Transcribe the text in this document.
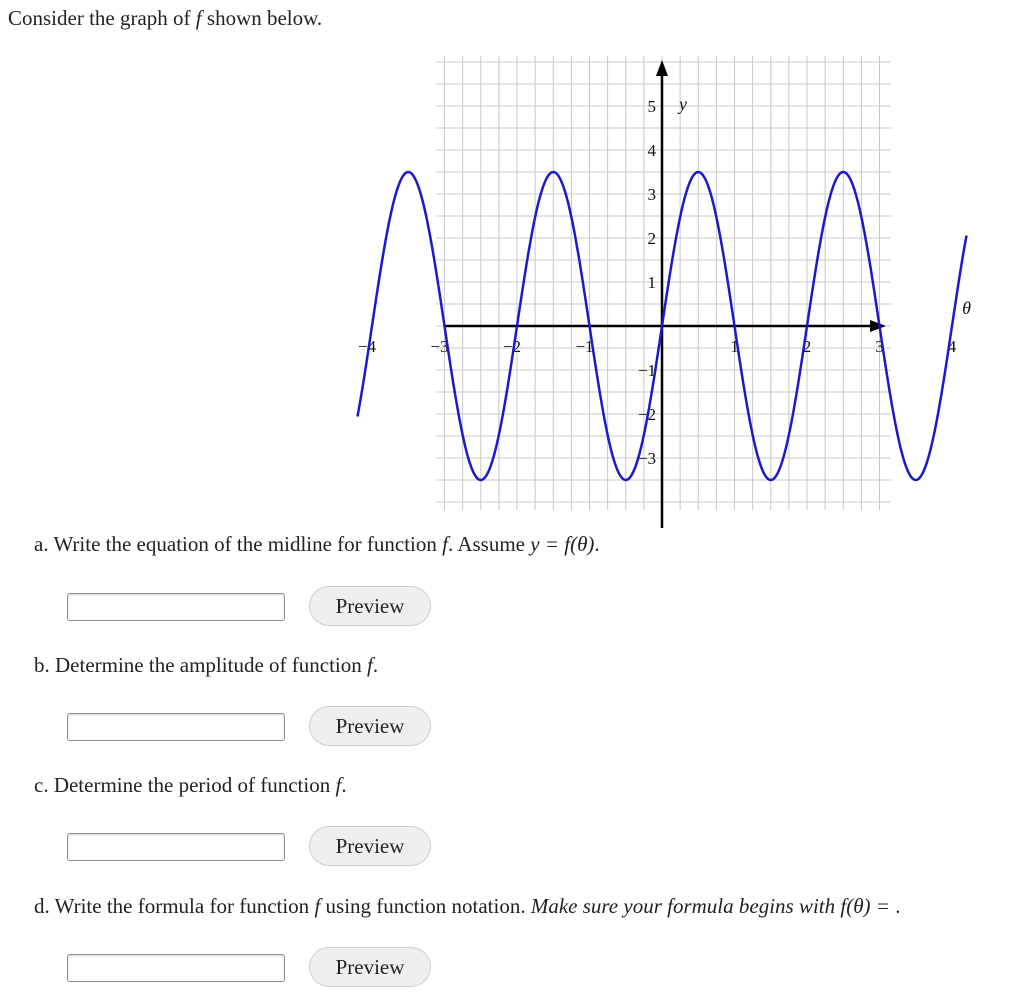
Consider the graph of f shown below.
−4	−3	−2	−1	1	2	3	4
5
4
3
2
1
−1
−2
−3
y
θ
a. Write the equation of the midline for function f. Assume y = f(θ).
Preview
b. Determine the amplitude of function f.
Preview
c. Determine the period of function f.
Preview
d. Write the formula for function f using function notation. Make sure your formula begins with f(θ) = .
Preview
